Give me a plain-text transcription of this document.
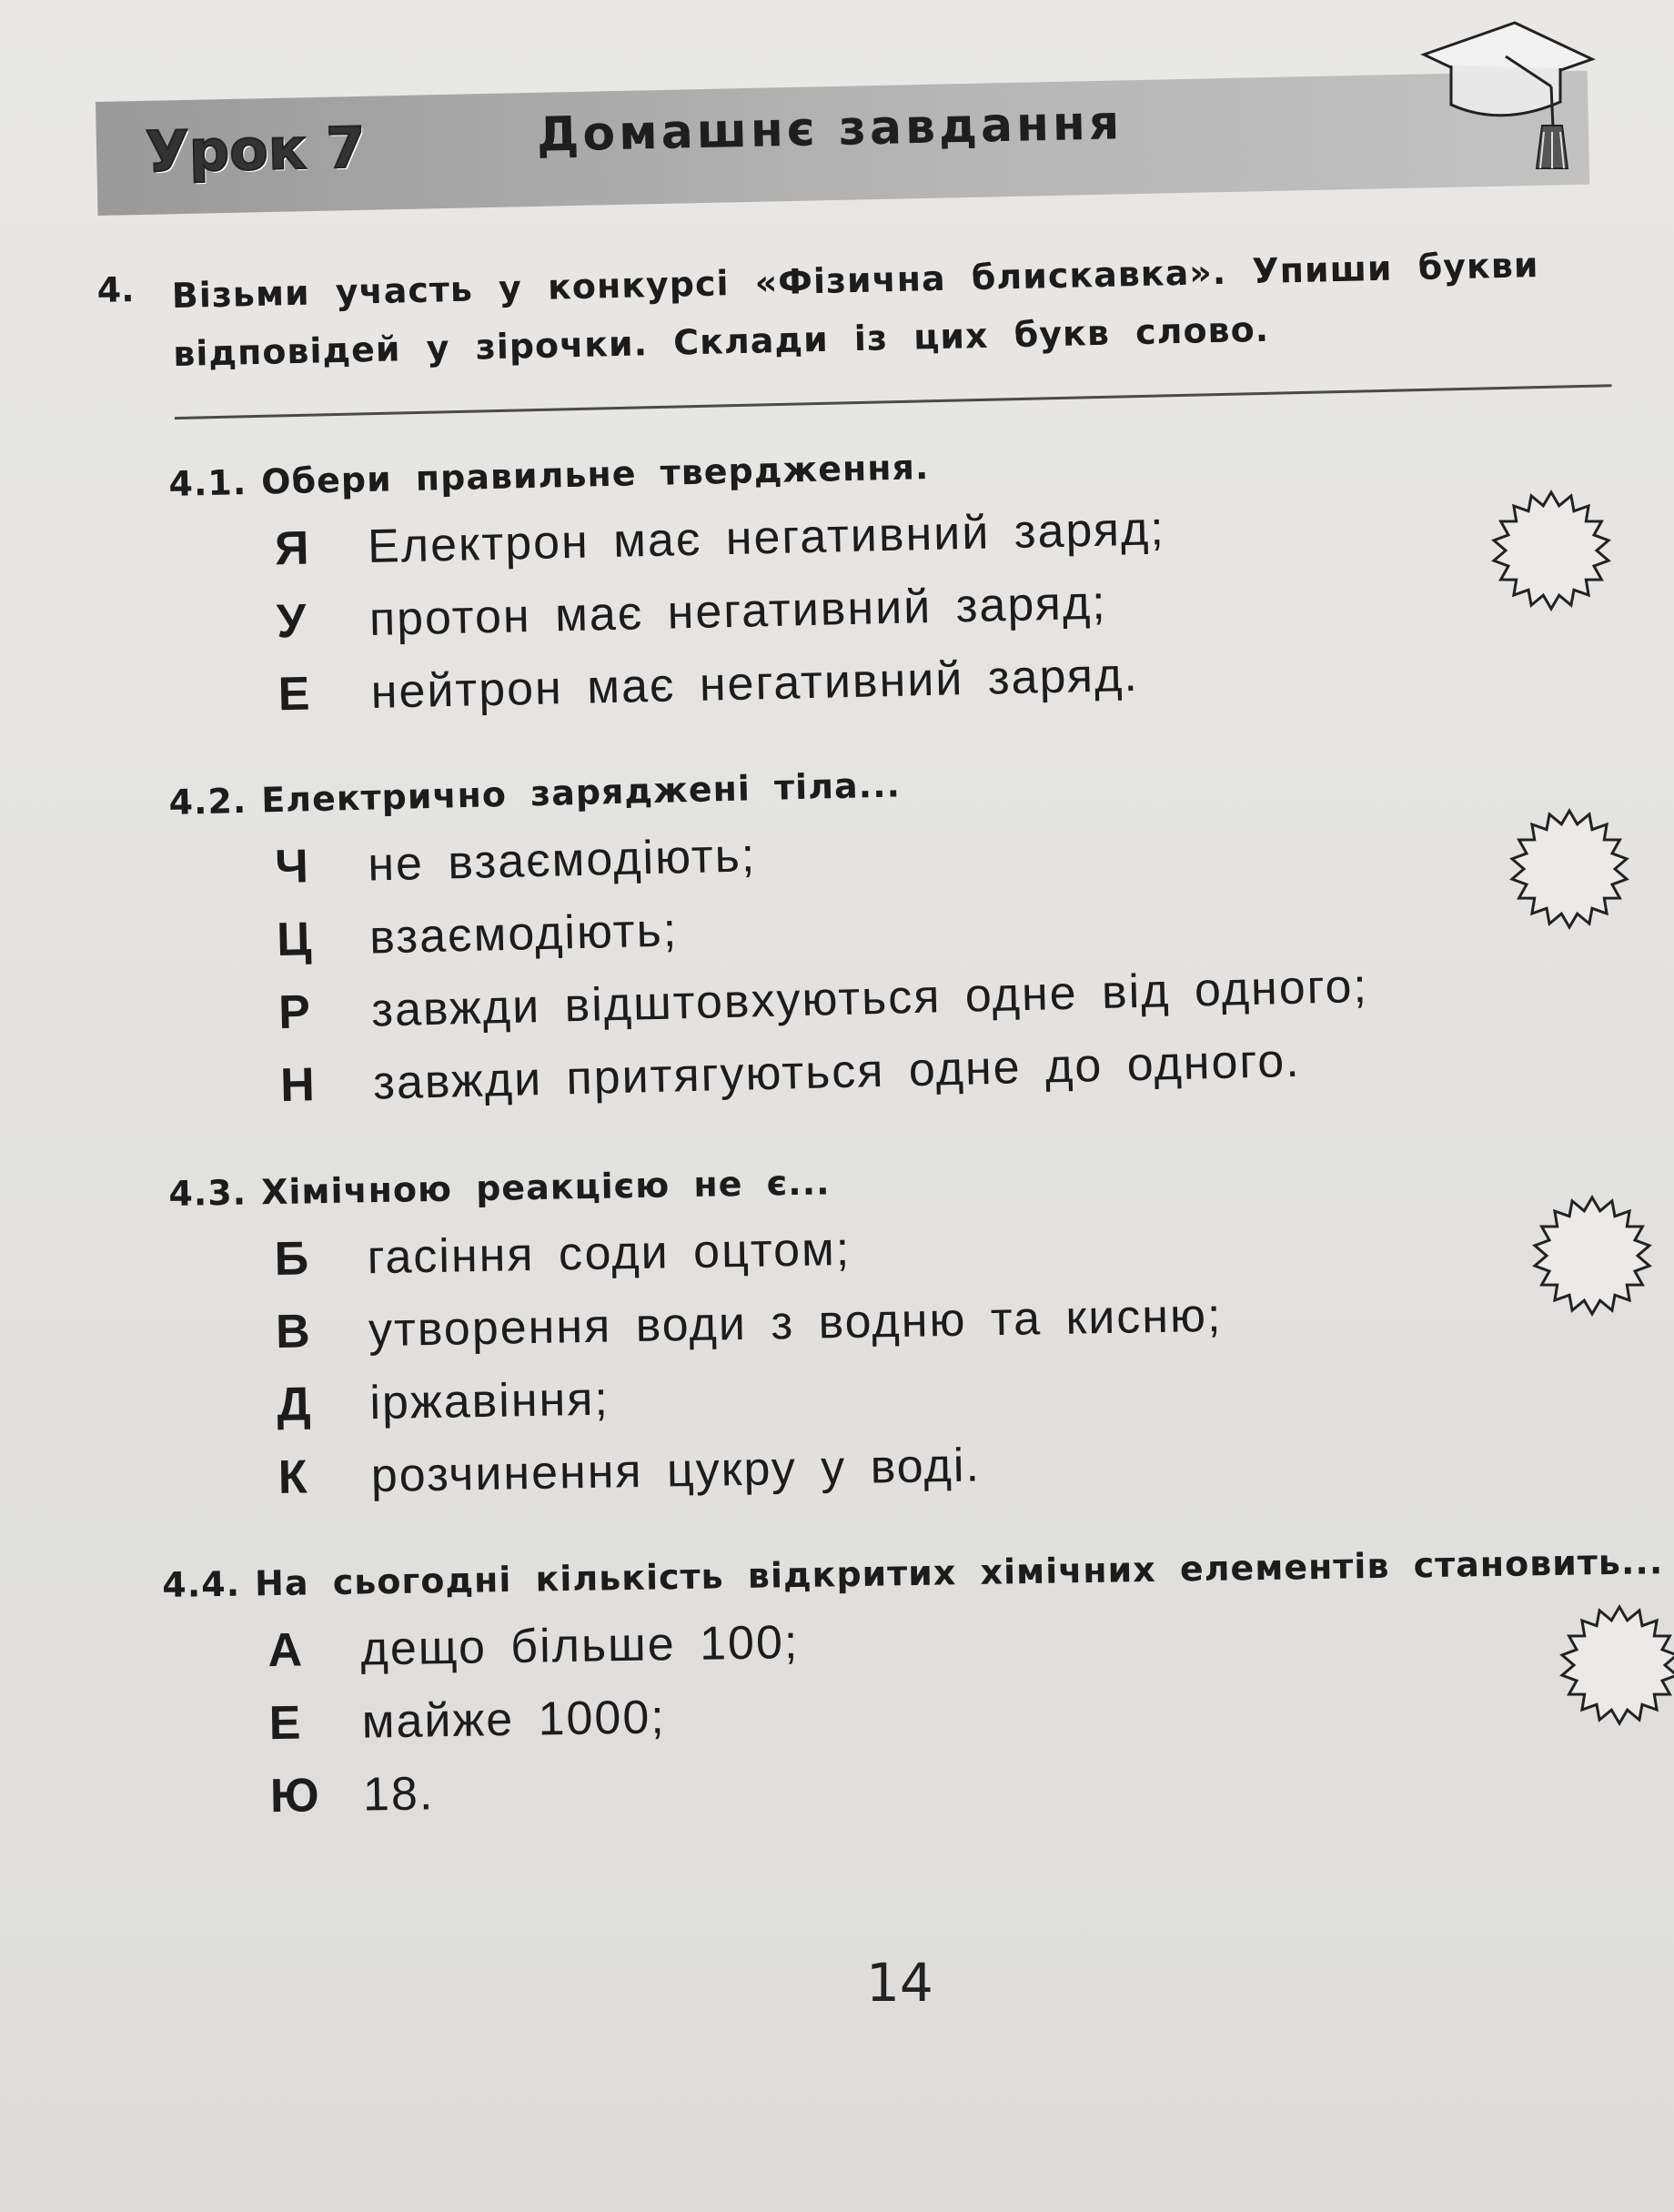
Урок 7	Домашнє завдання
4. Візьми участь у конкурсі «Фізична блискавка». Упиши букви відповідей у зірочки. Склади із цих букв слово.
4.1. Обери правильне твердження.
Я	Електрон має негативний заряд;
У	протон має негативний заряд;
Е	нейтрон має негативний заряд.
4.2. Електрично заряджені тіла...
Ч	не взаємодіють;
Ц	взаємодіють;
Р	завжди відштовхуються одне від одного;
Н	завжди притягуються одне до одного.
4.3. Хімічною реакцією не є...
Б	гасіння соди оцтом;
В	утворення води з водню та кисню;
Д	іржавіння;
К	розчинення цукру у воді.
4.4. На сьогодні кількість відкритих хімічних елементів становить...
А	дещо більше 100;
Е	майже 1000;
Ю 18.
14
